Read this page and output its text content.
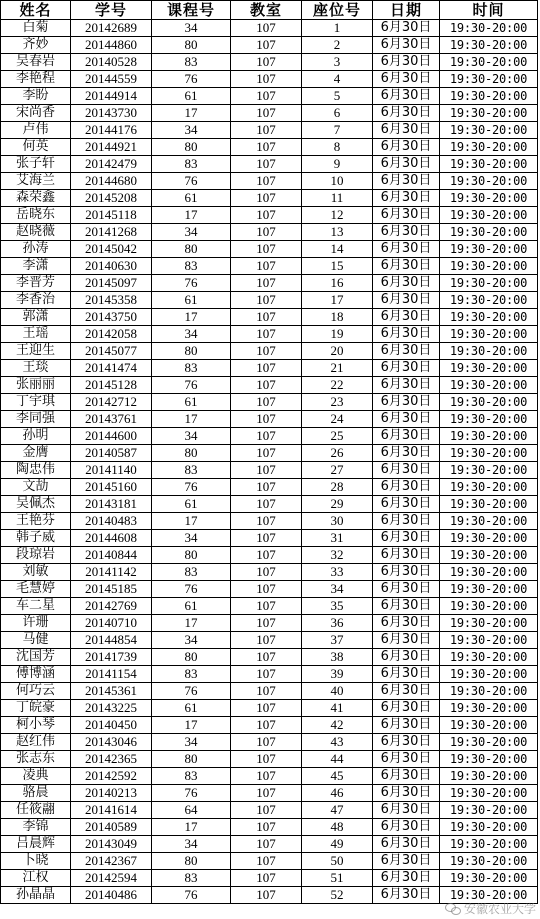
姓名	学号	课程号	教室	座位号	日期	时间
白菊	20142689	34	107	1	6月30日	19:30-20:00
齐妙	20144860	80	107	2	6月30日	19:30-20:00
吴春岩	20140528	83	107	3	6月30日	19:30-20:00
李艳程	20144559	76	107	4	6月30日	19:30-20:00
李盼	20144914	61	107	5	6月30日	19:30-20:00
宋尚香	20143730	17	107	6	6月30日	19:30-20:00
卢伟	20144176	34	107	7	6月30日	19:30-20:00
何英	20144921	80	107	8	6月30日	19:30-20:00
张子轩	20142479	83	107	9	6月30日	19:30-20:00
艾海兰	20144680	76	107	10	6月30日	19:30-20:00
森荣鑫	20145208	61	107	11	6月30日	19:30-20:00
岳晓东	20145118	17	107	12	6月30日	19:30-20:00
赵晓薇	20141268	34	107	13	6月30日	19:30-20:00
孙涛	20145042	80	107	14	6月30日	19:30-20:00
李潇	20140630	83	107	15	6月30日	19:30-20:00
李晋芳	20145097	76	107	16	6月30日	19:30-20:00
李香治	20145358	61	107	17	6月30日	19:30-20:00
郭潇	20143750	17	107	18	6月30日	19:30-20:00
王瑶	20142058	34	107	19	6月30日	19:30-20:00
王迎生	20145077	80	107	20	6月30日	19:30-20:00
王琰	20141474	83	107	21	6月30日	19:30-20:00
张丽丽	20145128	76	107	22	6月30日	19:30-20:00
丁宇琪	20142712	61	107	23	6月30日	19:30-20:00
李同强	20143761	17	107	24	6月30日	19:30-20:00
孙明	20144600	34	107	25	6月30日	19:30-20:00
金膺	20140587	80	107	26	6月30日	19:30-20:00
陶忠伟	20141140	83	107	27	6月30日	19:30-20:00
文劼	20145160	76	107	28	6月30日	19:30-20:00
吴佩杰	20143181	61	107	29	6月30日	19:30-20:00
王艳芬	20140483	17	107	30	6月30日	19:30-20:00
韩子威	20144608	34	107	31	6月30日	19:30-20:00
段琼岩	20140844	80	107	32	6月30日	19:30-20:00
刘敏	20141142	83	107	33	6月30日	19:30-20:00
毛慧婷	20145185	76	107	34	6月30日	19:30-20:00
车二星	20142769	61	107	35	6月30日	19:30-20:00
许珊	20140710	17	107	36	6月30日	19:30-20:00
马健	20144854	34	107	37	6月30日	19:30-20:00
沈国芳	20141739	80	107	38	6月30日	19:30-20:00
傅博涵	20141154	83	107	39	6月30日	19:30-20:00
何巧云	20145361	76	107	40	6月30日	19:30-20:00
丁皖豪	20143225	61	107	41	6月30日	19:30-20:00
柯小琴	20140450	17	107	42	6月30日	19:30-20:00
赵红伟	20143046	34	107	43	6月30日	19:30-20:00
张志东	20142365	80	107	44	6月30日	19:30-20:00
凌典	20142592	83	107	45	6月30日	19:30-20:00
骆晨	20140213	76	107	46	6月30日	19:30-20:00
任筱翮	20141614	64	107	47	6月30日	19:30-20:00
李锦	20140589	17	107	48	6月30日	19:30-20:00
吕晨辉	20143049	34	107	49	6月30日	19:30-20:00
卜晓	20142367	80	107	50	6月30日	19:30-20:00
江权	20142594	83	107	51	6月30日	19:30-20:00
孙晶晶	20140486	76	107	52	6月30日	19:30-20:00
安徽农业大学
